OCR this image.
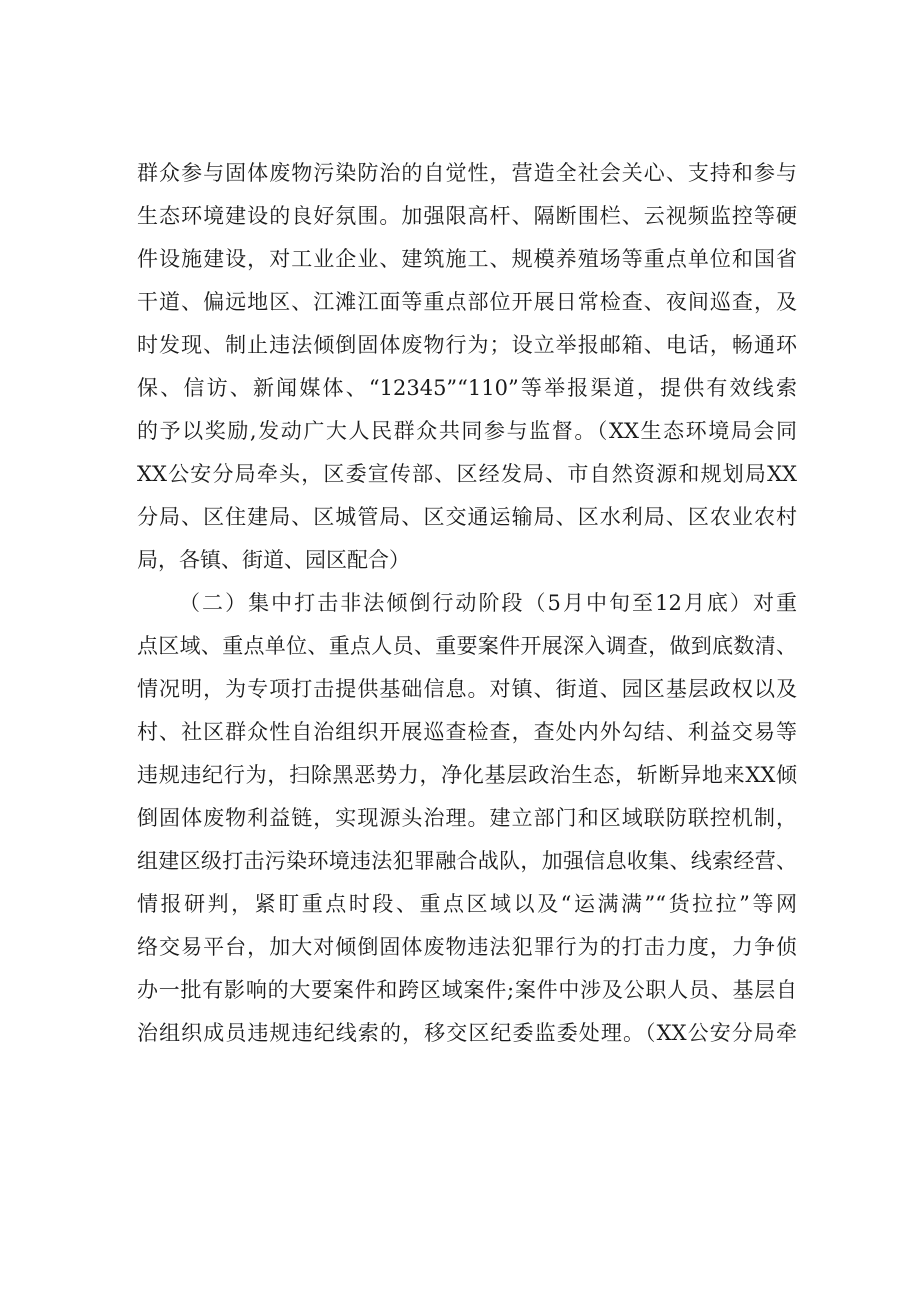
群众参与固体废物污染防治的自觉性，营造全社会关心、支持和参与
生态环境建设的良好氛围。加强限高杆、隔断围栏、云视频监控等硬
件设施建设，对工业企业、建筑施工、规模养殖场等重点单位和国省
干道、偏远地区、江滩江面等重点部位开展日常检查、夜间巡查，及
时发现、制止违法倾倒固体废物行为；设立举报邮箱、电话，畅通环
保、信访、新闻媒体、“12345”“110”等举报渠道，提供有效线索
的予以奖励,发动广大人民群众共同参与监督。（XX生态环境局会同
XX公安分局牵头，区委宣传部、区经发局、市自然资源和规划局XX
分局、区住建局、区城管局、区交通运输局、区水利局、区农业农村
局，各镇、街道、园区配合）
（二）集中打击非法倾倒行动阶段（5月中旬至12月底）对重
点区域、重点单位、重点人员、重要案件开展深入调查，做到底数清、
情况明，为专项打击提供基础信息。对镇、街道、园区基层政权以及
村、社区群众性自治组织开展巡查检查，查处内外勾结、利益交易等
违规违纪行为，扫除黑恶势力，净化基层政治生态，斩断异地来XX倾
倒固体废物利益链，实现源头治理。建立部门和区域联防联控机制，
组建区级打击污染环境违法犯罪融合战队，加强信息收集、线索经营、
情报研判，紧盯重点时段、重点区域以及“运满满”“货拉拉”等网
络交易平台，加大对倾倒固体废物违法犯罪行为的打击力度，力争侦
办一批有影响的大要案件和跨区域案件;案件中涉及公职人员、基层自
治组织成员违规违纪线索的，移交区纪委监委处理。（XX公安分局牵
